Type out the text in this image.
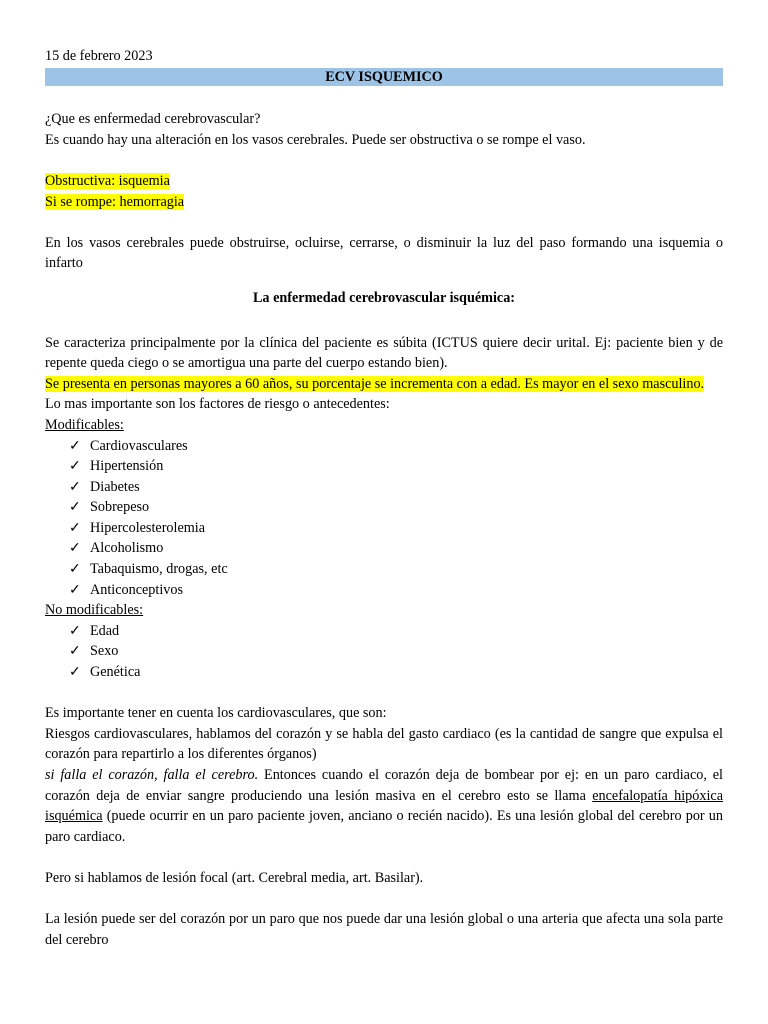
15 de febrero 2023

ECV ISQUEMICO

¿Que es enfermedad cerebrovascular?

Es cuando hay una alteración en los vasos cerebrales. Puede ser obstructiva o se rompe el vaso.

Obstructiva: isquemia

Si se rompe: hemorragia

En los vasos cerebrales puede obstruirse, ocluirse, cerrarse, o disminuir la luz del paso formando una isquemia o infarto

La enfermedad cerebrovascular isquémica:

Se caracteriza principalmente por la clínica del paciente es súbita (ICTUS quiere decir urital. Ej: paciente bien y de repente queda ciego o se amortigua una parte del cuerpo estando bien).

Se presenta en personas mayores a 60 años, su porcentaje se incrementa con a edad. Es mayor en el sexo masculino.

Lo mas importante son los factores de riesgo o antecedentes:

Modificables:

✓ Cardiovasculares
✓ Hipertensión
✓ Diabetes
✓ Sobrepeso
✓ Hipercolesterolemia
✓ Alcoholismo
✓ Tabaquismo, drogas, etc
✓ Anticonceptivos

No modificables:

✓ Edad
✓ Sexo
✓ Genética

Es importante tener en cuenta los cardiovasculares, que son:

Riesgos cardiovasculares, hablamos del corazón y se habla del gasto cardiaco (es la cantidad de sangre que expulsa el corazón para repartirlo a los diferentes órganos)

si falla el corazón, falla el cerebro. Entonces cuando el corazón deja de bombear por ej: en un paro cardiaco, el corazón deja de enviar sangre produciendo una lesión masiva en el cerebro esto se llama encefalopatía hipóxica isquémica (puede ocurrir en un paro paciente joven, anciano o recién nacido). Es una lesión global del cerebro por un paro cardiaco.

Pero si hablamos de lesión focal (art. Cerebral media, art. Basilar).

La lesión puede ser del corazón por un paro que nos puede dar una lesión global o una arteria que afecta una sola parte del cerebro
